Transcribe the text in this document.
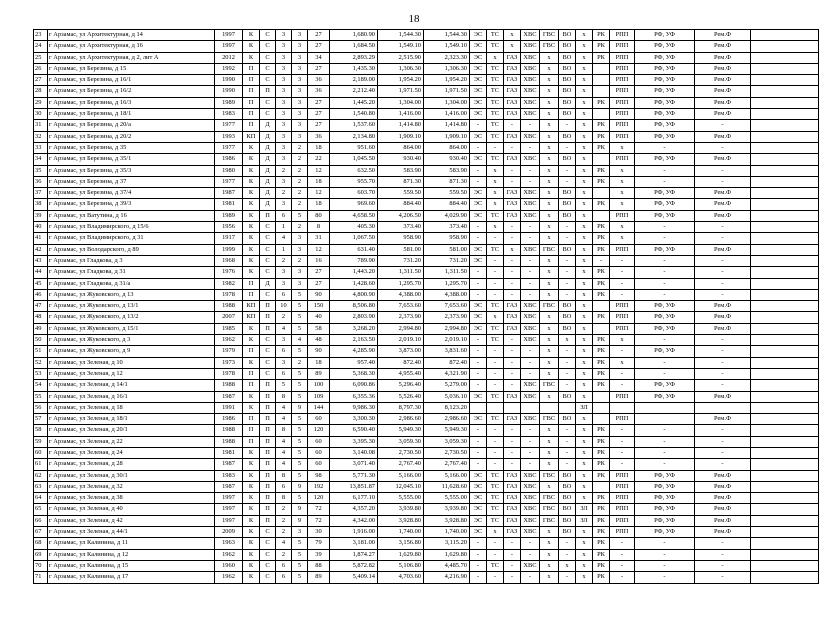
18
23	г Арзамас, ул Архитектурная, д 14	1997	К	С	3	3	27	1,680.90	1,544.30	1,544.30	ЭС	ТС	х	ХВС	ГВС	ВО	х	РК	РПП	РФ, УФ	Рем.Ф	
24	г Арзамас, ул Архитектурная, д 16	1997	К	С	3	3	27	1,684.50	1,549.10	1,549.10	ЭС	ТС	х	ХВС	ГВС	ВО	х	РК	РПП	РФ, УФ	Рем.Ф	
25	г Арзамас, ул Архитектурная, д 2, лит А	2012	К	С	3	3	34	2,893.29	2,515.90	2,323.30	ЭС	х	ГАЗ	ХВС	х	ВО	х	РК	РПП	РФ, УФ	Рем.Ф	
26	г Арзамас, ул Березина, д 15	1992	П	С	3	3	27	1,435.30	1,306.30	1,306.30	ЭС	ТС	ГАЗ	ХВС	х	ВО	х		РПП	РФ, УФ	Рем.Ф	
27	г Арзамас, ул Березина, д 16/1	1990	П	С	3	3	36	2,189.00	1,954.20	1,954.20	ЭС	ТС	ГАЗ	ХВС	х	ВО	х		РПП	РФ, УФ	Рем.Ф	
28	г Арзамас, ул Березина, д 16/2	1990	П	П	3	3	36	2,212.40	1,971.50	1,971.50	ЭС	ТС	ГАЗ	ХВС	х	ВО	х		РПП	РФ, УФ	Рем.Ф	
29	г Арзамас, ул Березина, д 16/3	1989	П	С	3	3	27	1,445.20	1,304.00	1,304.00	ЭС	ТС	ГАЗ	ХВС	х	ВО	х	РК	РПП	РФ, УФ	Рем.Ф	
30	г Арзамас, ул Березина, д 18/1	1983	П	С	3	3	27	1,540.80	1,416.00	1,416.00	ЭС	ТС	ГАЗ	ХВС	х	ВО	х		РПП	РФ, УФ	Рем.Ф	
31	г Арзамас, ул Березина, д 20/а	1977	П	Д	3	3	27	1,537.60	1,414.80	1,414.80	-	ТС	-	-	х	-	х	РК	РПП	РФ, УФ	-	
32	г Арзамас, ул Березина, д 20/2	1993	КП	Д	3	3	36	2,134.80	1,909.10	1,909.10	ЭС	ТС	ГАЗ	ХВС	х	ВО	х	РК	РПП	РФ, УФ	Рем.Ф	
33	г Арзамас, ул Березина, д 35	1977	К	Д	3	2	18	951.60	864.00	864.00	-	-	-	-	х	-	х	РК	х	-	-	
34	г Арзамас, ул Березина, д 35/1	1986	К	Д	3	2	22	1,045.50	930.40	930.40	ЭС	ТС	ГАЗ	ХВС	х	ВО	х		РПП	РФ, УФ	Рем.Ф	
35	г Арзамас, ул Березина, д 35/3	1980	К	Д	2	2	12	632.50	583.90	583.90	-	х	-	-	х	-	х	РК	х	-	-	
36	г Арзамас, ул Березина, д 37	1977	К	Д	3	2	18	955.70	871.30	871.30	-	х	-	-	х	-	х	РК	х	-	-	
37	г Арзамас, ул Березина, д 37/4	1987	К	Д	2	2	12	603.70	559.50	559.50	ЭС	х	ГАЗ	ХВС	х	ВО	х		х	РФ, УФ	Рем.Ф	
38	г Арзамас, ул Березина, д 39/3	1981	К	Д	3	2	18	969.60	884.40	884.40	ЭС	х	ГАЗ	ХВС	х	ВО	х	РК	х	РФ, УФ	Рем.Ф	
39	г Арзамас, ул Ватутина, д 16	1989	К	П	6	5	80	4,658.50	4,206.50	4,029.90	ЭС	ТС	ГАЗ	ХВС	х	ВО	х		РПП	РФ, УФ	Рем.Ф	
40	г Арзамас, ул Владимирского, д 15/6	1956	К	С	1	2	8	405.30	373.40	373.40	-	х	-	-	х	-	х	РК	х	-	-	
41	г Арзамас, ул Владимирского, д 31	1917	К	С	4	3	31	1,067.50	958.90	958.90	-	-	-	-	х	-	х	РК	х	-	-	
42	г Арзамас, ул Володарского, д 89	1999	К	С	1	3	12	631.40	581.00	581.00	ЭС	ТС	х	ХВС	ГВС	ВО	х	РК	РПП	РФ, УФ	Рем.Ф	
43	г Арзамас, ул Гладкова, д 3	1968	К	С	2	2	16	789.90	731.20	731.20	ЭС	-	-	-	х	-	х	-	-	-	-	
44	г Арзамас, ул Гладкова, д 31	1976	К	С	3	3	27	1,443.20	1,311.50	1,311.50	-	-	-	-	х	-	х	РК	-	-	-	
45	г Арзамас, ул Гладкова, д 31/а	1982	П	Д	3	3	27	1,428.60	1,295.70	1,295.70	-	-	-	-	х	-	х	РК	-	-	-	
46	г Арзамас, ул Жуковского, д 13	1978	П	С	6	5	90	4,800.90	4,388.00	4,388.00	-	-	-	-	х	-	х	РК	-	-	-	
47	г Арзамас, ул Жуковского, д 13/1	1988	КП	П	10	5	150	8,506.80	7,653.60	7,653.60	ЭС	ТС	ГАЗ	ХВС	ГВС	ВО	х		РПП	РФ, УФ	Рем.Ф	
48	г Арзамас, ул Жуковского, д 13/2	2007	КП	П	2	5	40	2,803.90	2,373.90	2,373.90	ЭС	х	ГАЗ	ХВС	х	ВО	х	РК	РПП	РФ, УФ	Рем.Ф	
49	г Арзамас, ул Жуковского, д 15/1	1985	К	П	4	5	58	3,268.20	2,994.80	2,994.80	ЭС	ТС	ГАЗ	ХВС	х	ВО	х		РПП	РФ, УФ	Рем.Ф	
50	г Арзамас, ул Жуковского, д 3	1962	К	С	3	4	48	2,163.50	2,019.10	2,019.10	-	ТС	-	ХВС	х	х	х	РК	х	-	-	
51	г Арзамас, ул Жуковского, д 9	1979	П	С	6	5	90	4,285.90	3,873.00	3,831.60	-	-	-	-	х	-	х	РК	-	РФ, УФ	-	
52	г Арзамас, ул Зеленая, д 10	1973	К	С	3	2	18	957.40	872.40	872.40	-	-	-	-	х	-	х	РК	х	-	-	
53	г Арзамас, ул Зеленая, д 12	1978	П	С	6	5	89	5,368.30	4,955.40	4,321.90	-	-	-	-	х	-	х	РК	-	-	-	
54	г Арзамас, ул Зеленая, д 14/1	1988	П	П	5	5	100	6,090.86	5,296.40	5,279.00	-	-	-	ХВС	ГВС	-	х	РК	-	РФ, УФ	-	
55	г Арзамас, ул Зеленая, д 16/1	1987	К	П	8	5	109	6,355.36	5,526.40	5,036.10	ЭС	ТС	ГАЗ	ХВС	х	ВО	х		РПП	РФ, УФ	Рем.Ф	
56	г Арзамас, ул Зеленая, д 18	1991	К	П	4	9	144	9,986.30	8,797.30	8,123.20							ЗЛ					
57	г Арзамас, ул Зеленая, д 18/1	1986	П	П	4	5	60	3,300.30	2,986.60	2,986.60	ЭС	ТС	ГАЗ	ХВС	ГВС	ВО	х		РПП		Рем.Ф	
58	г Арзамас, ул Зеленая, д 20/1	1988	П	П	8	5	120	6,590.40	5,949.30	5,949.30	-	-	-	-	х	-	х	РК	-	-	-	
59	г Арзамас, ул Зеленая, д 22	1988	П	П	4	5	60	3,395.30	3,059.30	3,059.30	-	-	-	-	х	-	х	РК	-	-	-	
60	г Арзамас, ул Зеленая, д 24	1981	К	П	4	5	60	3,140.08	2,730.50	2,730.50	-	-	-	-	х	-	х	РК	-	-	-	
61	г Арзамас, ул Зеленая, д 28	1987	К	П	4	5	60	3,071.40	2,767.40	2,767.40	-	-	-	-	х	-	х	РК	-	-	-	
62	г Арзамас, ул Зеленая, д 30/1	1983	К	П	8	5	98	5,771.30	5,166.00	5,166.00	ЭС	ТС	ГАЗ	ХВС	ГВС	ВО	х	РК	РПП	РФ, УФ	Рем.Ф	
63	г Арзамас, ул Зеленая, д 32	1987	К	П	6	9	192	13,851.87	12,045.10	11,628.60	ЭС	ТС	ГАЗ	ХВС	х	ВО	х		РПП	РФ, УФ	Рем.Ф	
64	г Арзамас, ул Зеленая, д 38	1997	К	П	8	5	120	6,177.10	5,555.00	5,555.00	ЭС	ТС	ГАЗ	ХВС	ГВС	ВО	х	РК	РПП	РФ, УФ	Рем.Ф	
65	г Арзамас, ул Зеленая, д 40	1997	К	П	2	9	72	4,357.20	3,939.80	3,939.80	ЭС	ТС	ГАЗ	ХВС	ГВС	ВО	ЗЛ	РК	РПП	РФ, УФ	Рем.Ф	
66	г Арзамас, ул Зеленая, д 42	1997	К	П	2	9	72	4,342.00	3,928.80	3,928.80	ЭС	ТС	ГАЗ	ХВС	ГВС	ВО	ЗЛ	РК	РПП	РФ, УФ	Рем.Ф	
67	г Арзамас, ул Зеленая, д 44/1	2009	К	С	2	3	30	1,916.00	1,740.00	1,740.00	ЭС	х	ГАЗ	ХВС	х	ВО	х	РК	РПП	РФ, УФ	Рем.Ф	
68	г Арзамас, ул Калинина, д 11	1963	К	С	4	5	79	3,181.00	3,156.80	3,115.20	-	-	-	-	х	-	х	РК	-	-	-	
69	г Арзамас, ул Калинина, д 12	1962	К	С	2	5	39	1,874.27	1,629.80	1,629.80	-	-	-	-	х	-	х	РК	-	-	-	
70	г Арзамас, ул Калинина, д 15	1960	К	С	6	5	88	5,872.82	5,106.80	4,485.70	-	ТС	-	ХВС	х	х	х	РК	-	-	-	
71	г Арзамас, ул Калинина, д 17	1962	К	С	6	5	89	5,409.14	4,703.60	4,216.90	-	-	-	-	х	-	х	РК	-	-	-	
